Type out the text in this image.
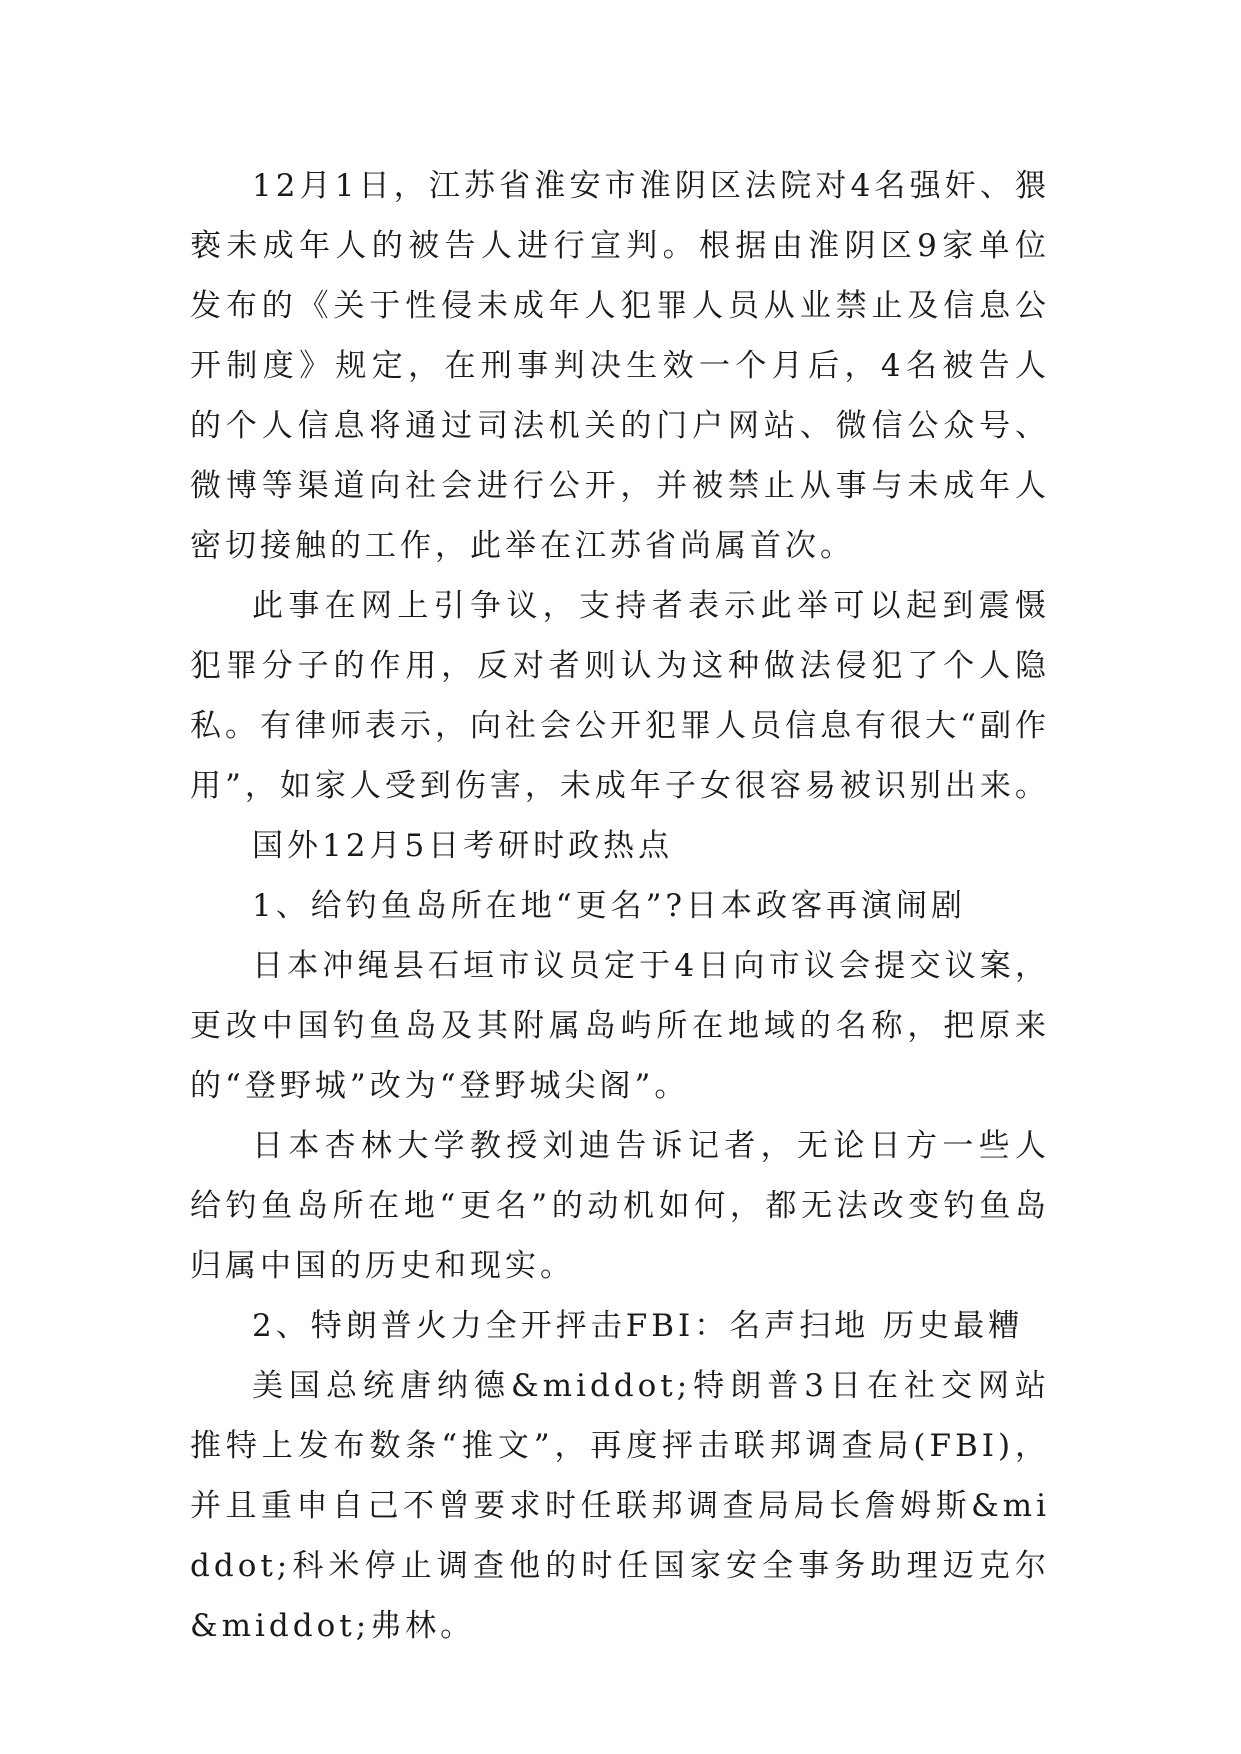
12月1日，江苏省淮安市淮阴区法院对4名强奸、猥亵未成年人的被告人进行宣判。根据由淮阴区9家单位发布的《关于性侵未成年人犯罪人员从业禁止及信息公开制度》规定，在刑事判决生效一个月后，4名被告人的个人信息将通过司法机关的门户网站、微信公众号、微博等渠道向社会进行公开，并被禁止从事与未成年人密切接触的工作，此举在江苏省尚属首次。

此事在网上引争议，支持者表示此举可以起到震慑犯罪分子的作用，反对者则认为这种做法侵犯了个人隐私。有律师表示，向社会公开犯罪人员信息有很大“副作用”，如家人受到伤害，未成年子女很容易被识别出来。

国外12月5日考研时政热点

1、给钓鱼岛所在地“更名”?日本政客再演闹剧

日本冲绳县石垣市议员定于4日向市议会提交议案，更改中国钓鱼岛及其附属岛屿所在地域的名称，把原来的“登野城”改为“登野城尖阁”。

日本杏林大学教授刘迪告诉记者，无论日方一些人给钓鱼岛所在地“更名”的动机如何，都无法改变钓鱼岛归属中国的历史和现实。

2、特朗普火力全开抨击FBI：名声扫地 历史最糟

美国总统唐纳德&middot;特朗普3日在社交网站推特上发布数条“推文”，再度抨击联邦调查局(FBI)，并且重申自己不曾要求时任联邦调查局局长詹姆斯&middot;科米停止调查他的时任国家安全事务助理迈克尔&middot;弗林。
